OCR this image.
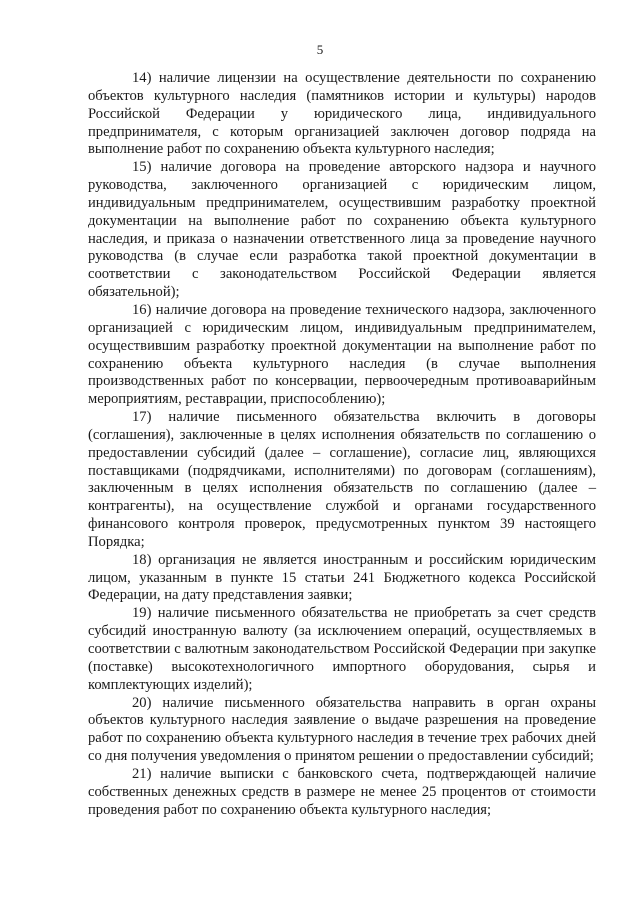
5

14) наличие лицензии на осуществление деятельности по сохранению объектов культурного наследия (памятников истории и культуры) народов Российской Федерации у юридического лица, индивидуального предпринимателя, с которым организацией заключен договор подряда на выполнение работ по сохранению объекта культурного наследия;

15) наличие договора на проведение авторского надзора и научного руководства, заключенного организацией с юридическим лицом, индивидуальным предпринимателем, осуществившим разработку проектной документации на выполнение работ по сохранению объекта культурного наследия, и приказа о назначении ответственного лица за проведение научного руководства (в случае если разработка такой проектной документации в соответствии с законодательством Российской Федерации является обязательной);

16) наличие договора на проведение технического надзора, заключенного организацией с юридическим лицом, индивидуальным предпринимателем, осуществившим разработку проектной документации на выполнение работ по сохранению объекта культурного наследия (в случае выполнения производственных работ по консервации, первоочередным противоаварийным мероприятиям, реставрации, приспособлению);

17) наличие письменного обязательства включить в договоры (соглашения), заключенные в целях исполнения обязательств по соглашению о предоставлении субсидий (далее – соглашение), согласие лиц, являющихся поставщиками (подрядчиками, исполнителями) по договорам (соглашениям), заключенным в целях исполнения обязательств по соглашению (далее – контрагенты), на осуществление службой и органами государственного финансового контроля проверок, предусмотренных пунктом 39 настоящего Порядка;

18) организация не является иностранным и российским юридическим лицом, указанным в пункте 15 статьи 241 Бюджетного кодекса Российской Федерации, на дату представления заявки;

19) наличие письменного обязательства не приобретать за счет средств субсидий иностранную валюту (за исключением операций, осуществляемых в соответствии с валютным законодательством Российской Федерации при закупке (поставке) высокотехнологичного импортного оборудования, сырья и комплектующих изделий);

20) наличие письменного обязательства направить в орган охраны объектов культурного наследия заявление о выдаче разрешения на проведение работ по сохранению объекта культурного наследия в течение трех рабочих дней со дня получения уведомления о принятом решении о предоставлении субсидий;

21) наличие выписки с банковского счета, подтверждающей наличие собственных денежных средств в размере не менее 25 процентов от стоимости проведения работ по сохранению объекта культурного наследия;
